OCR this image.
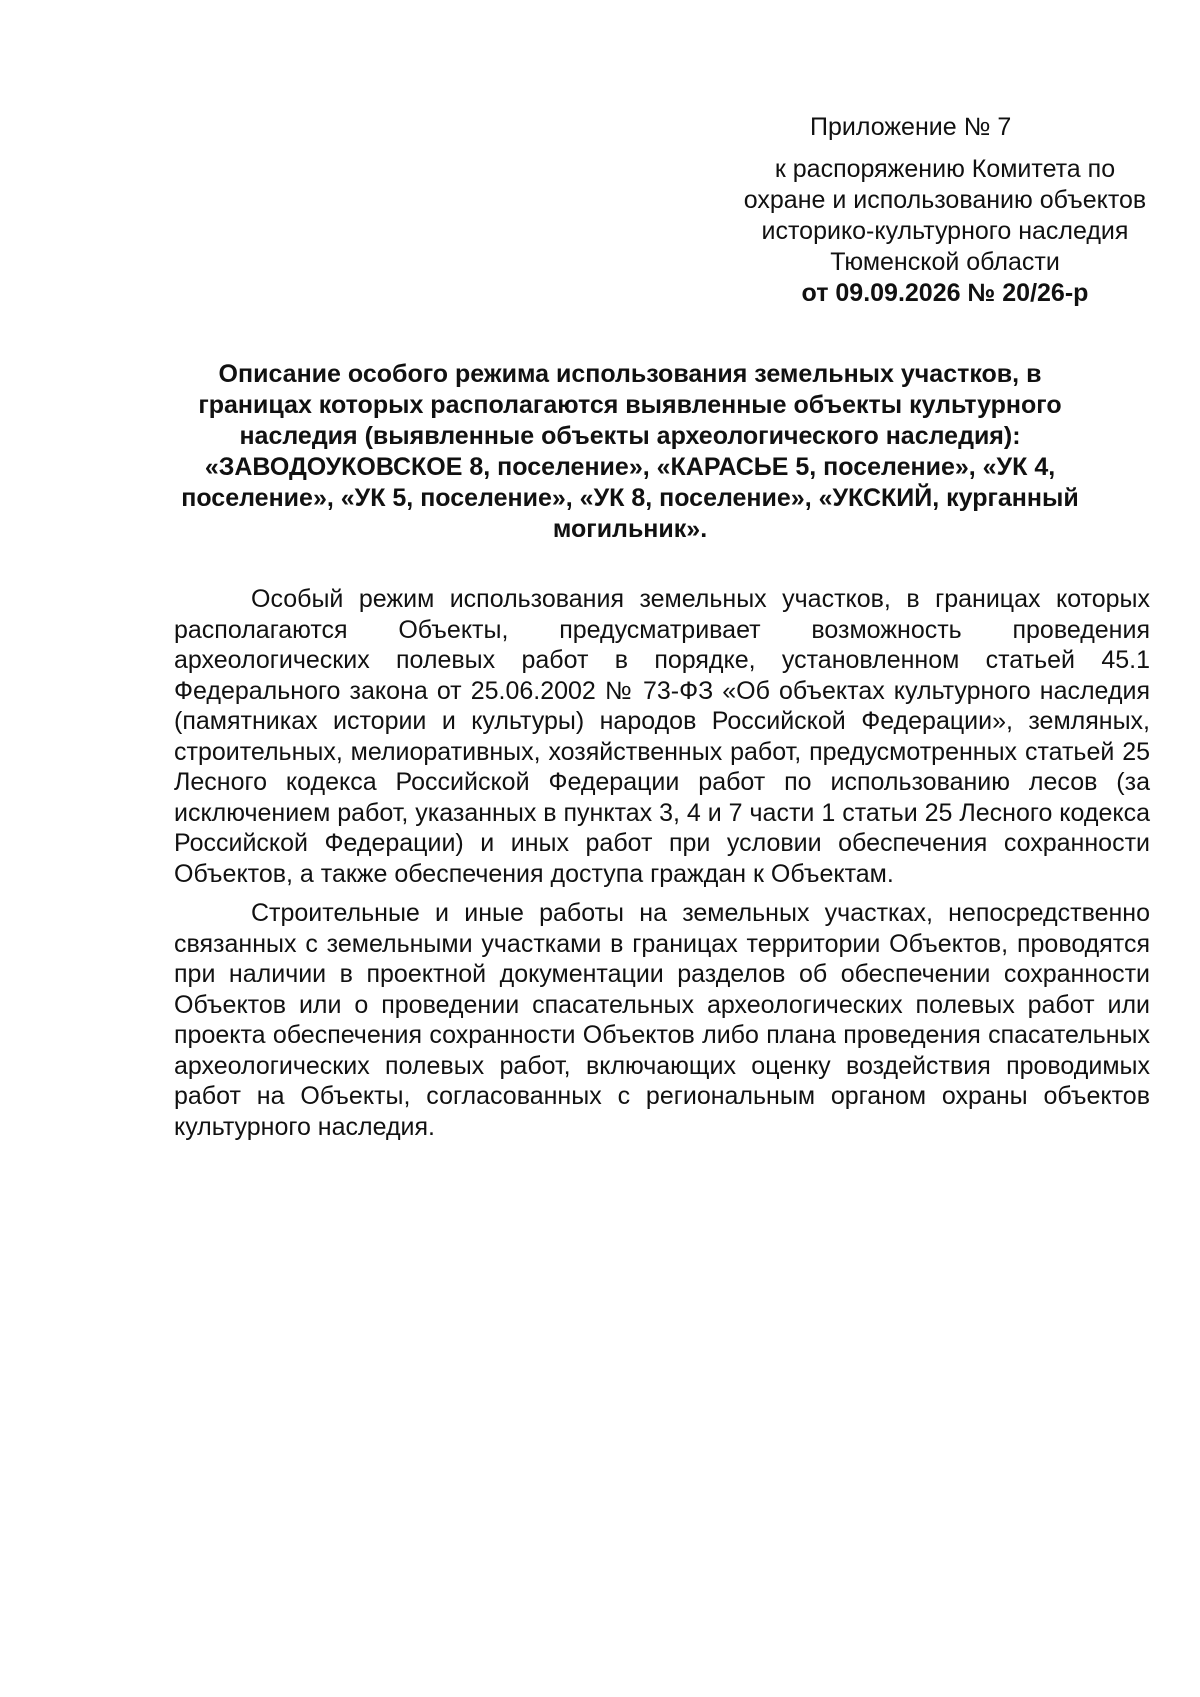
Приложение № 7
к распоряжению Комитета по
охране и использованию объектов
историко-культурного наследия
Тюменской области
от 09.09.2026 № 20/26-р
Описание особого режима использования земельных участков, в
границах которых располагаются выявленные объекты культурного
наследия (выявленные объекты археологического наследия):
«ЗАВОДОУКОВСКОЕ 8, поселение», «КАРАСЬЕ 5, поселение», «УК 4,
поселение», «УК 5, поселение», «УК 8, поселение», «УКСКИЙ, курганный
могильник».

Особый режим использования земельных участков, в границах которых располагаются Объекты, предусматривает возможность проведения археологических полевых работ в порядке, установленном статьей 45.1 Федерального закона от 25.06.2002 № 73-ФЗ «Об объектах культурного наследия (памятниках истории и культуры) народов Российской Федерации», земляных, строительных, мелиоративных, хозяйственных работ, предусмотренных статьей 25 Лесного кодекса Российской Федерации работ по использованию лесов (за исключением работ, указанных в пунктах 3, 4 и 7 части 1 статьи 25 Лесного кодекса Российской Федерации) и иных работ при условии обеспечения сохранности Объектов, а также обеспечения доступа граждан к Объектам.

Строительные и иные работы на земельных участках, непосредственно связанных с земельными участками в границах территории Объектов, проводятся при наличии в проектной документации разделов об обеспечении сохранности Объектов или о проведении спасательных археологических полевых работ или проекта обеспечения сохранности Объектов либо плана проведения спасательных археологических полевых работ, включающих оценку воздействия проводимых работ на Объекты, согласованных с региональным органом охраны объектов культурного наследия.
